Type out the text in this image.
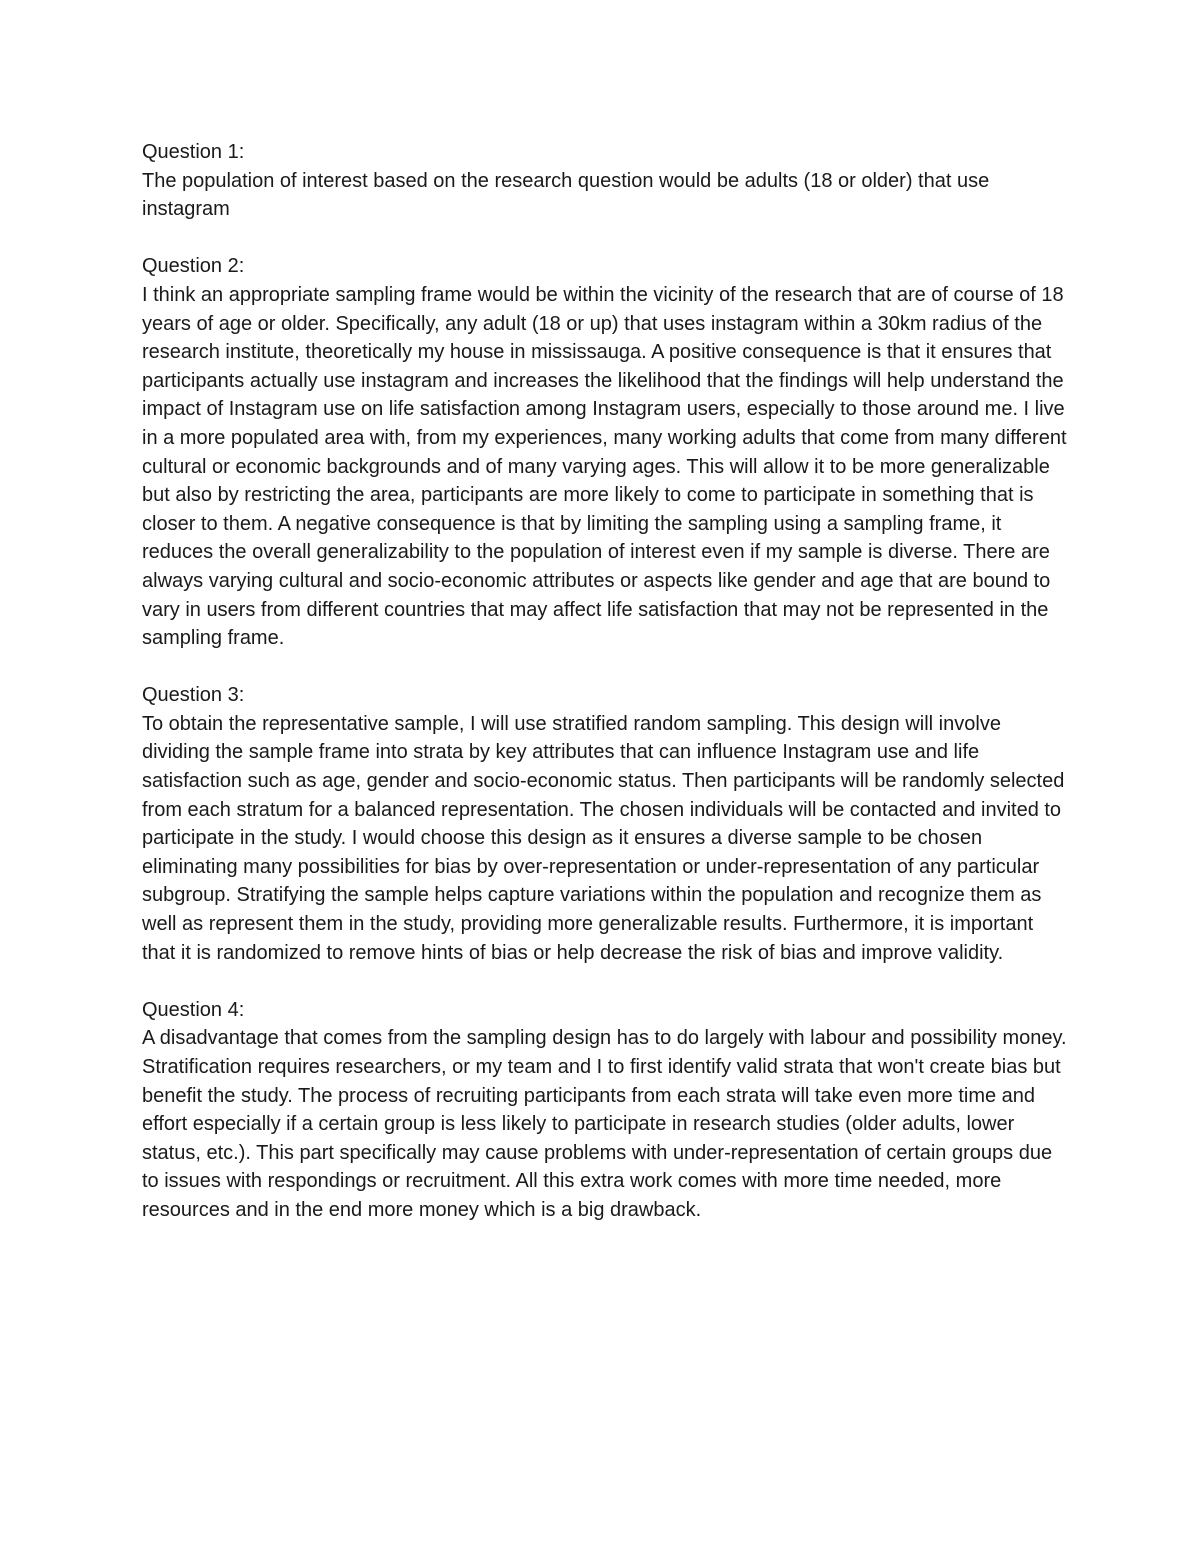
Question 1:

The population of interest based on the research question would be adults (18 or older) that use instagram

Question 2:

I think an appropriate sampling frame would be within the vicinity of the research that are of course of 18 years of age or older. Specifically, any adult (18 or up) that uses instagram within a 30km radius of the research institute, theoretically my house in mississauga. A positive consequence is that it ensures that participants actually use instagram and increases the likelihood that the findings will help understand the impact of Instagram use on life satisfaction among Instagram users, especially to those around me. I live in a more populated area with, from my experiences, many working adults that come from many different cultural or economic backgrounds and of many varying ages. This will allow it to be more generalizable but also by restricting the area, participants are more likely to come to participate in something that is closer to them. A negative consequence is that by limiting the sampling using a sampling frame, it reduces the overall generalizability to the population of interest even if my sample is diverse. There are always varying cultural and socio-economic attributes or aspects like gender and age that are bound to vary in users from different countries that may affect life satisfaction that may not be represented in the sampling frame.

Question 3:

To obtain the representative sample, I will use stratified random sampling. This design will involve dividing the sample frame into strata by key attributes that can influence Instagram use and life satisfaction such as age, gender and socio-economic status. Then participants will be randomly selected from each stratum for a balanced representation. The chosen individuals will be contacted and invited to participate in the study. I would choose this design as it ensures a diverse sample to be chosen eliminating many possibilities for bias by over-representation or under-representation of any particular subgroup. Stratifying the sample helps capture variations within the population and recognize them as well as represent them in the study, providing more generalizable results. Furthermore, it is important that it is randomized to remove hints of bias or help decrease the risk of bias and improve validity.

Question 4:

A disadvantage that comes from the sampling design has to do largely with labour and possibility money. Stratification requires researchers, or my team and I to first identify valid strata that won't create bias but benefit the study. The process of recruiting participants from each strata will take even more time and effort especially if a certain group is less likely to participate in research studies (older adults, lower status, etc.). This part specifically may cause problems with under-representation of certain groups due to issues with respondings or recruitment. All this extra work comes with more time needed, more resources and in the end more money which is a big drawback.
